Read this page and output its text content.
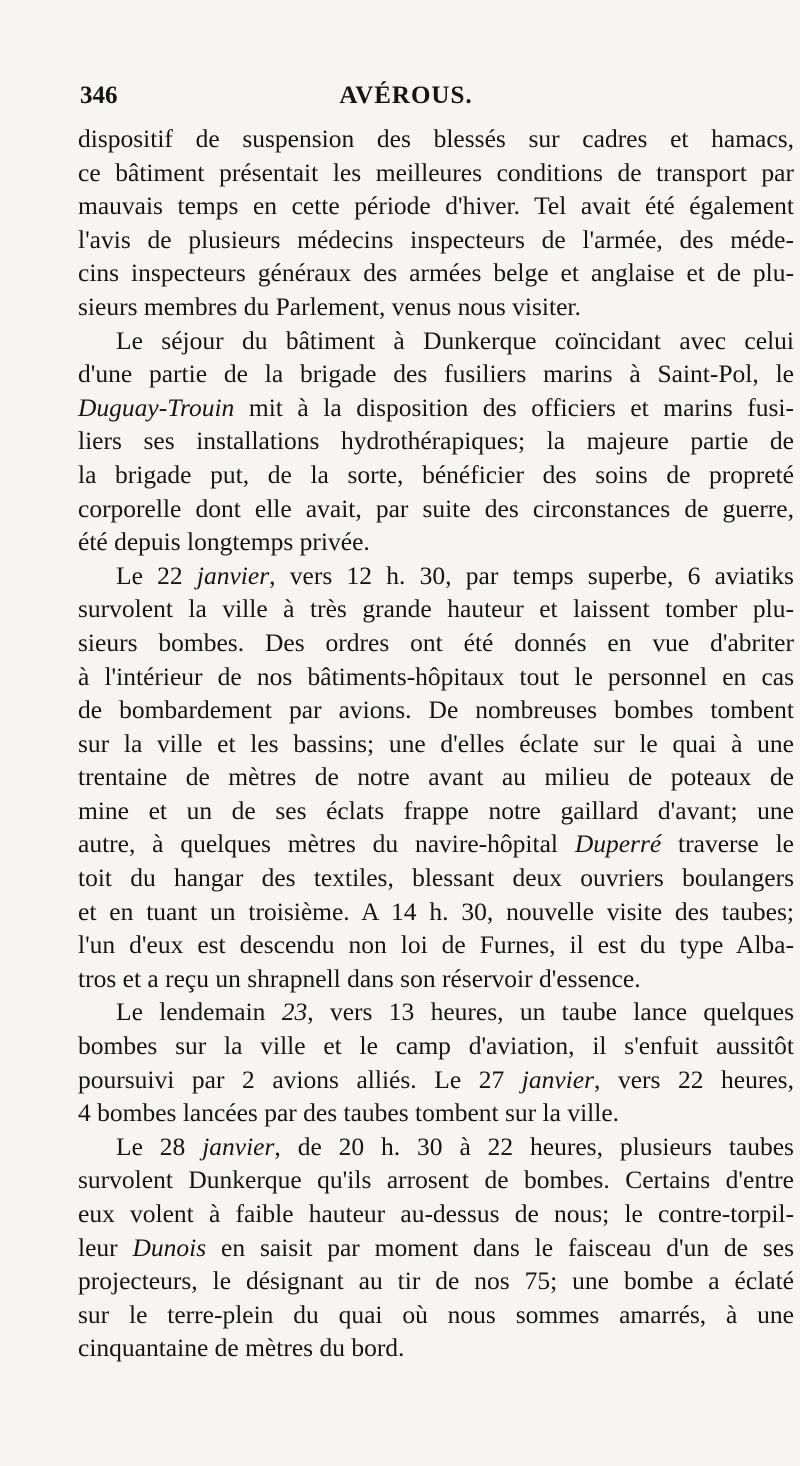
346	AVÉROUS.
dispositif de suspension des blessés sur cadres et hamacs,
ce bâtiment présentait les meilleures conditions de transport par
mauvais temps en cette période d'hiver. Tel avait été également
l'avis de plusieurs médecins inspecteurs de l'armée, des méde-
cins inspecteurs généraux des armées belge et anglaise et de plu-
sieurs membres du Parlement, venus nous visiter.
Le séjour du bâtiment à Dunkerque coïncidant avec celui
d'une partie de la brigade des fusiliers marins à Saint-Pol, le
Duguay-Trouin mit à la disposition des officiers et marins fusi-
liers ses installations hydrothérapiques; la majeure partie de
la brigade put, de la sorte, bénéficier des soins de propreté
corporelle dont elle avait, par suite des circonstances de guerre,
été depuis longtemps privée.
Le 22 janvier, vers 12 h. 30, par temps superbe, 6 aviatiks
survolent la ville à très grande hauteur et laissent tomber plu-
sieurs bombes. Des ordres ont été donnés en vue d'abriter
à l'intérieur de nos bâtiments-hôpitaux tout le personnel en cas
de bombardement par avions. De nombreuses bombes tombent
sur la ville et les bassins; une d'elles éclate sur le quai à une
trentaine de mètres de notre avant au milieu de poteaux de
mine et un de ses éclats frappe notre gaillard d'avant; une
autre, à quelques mètres du navire-hôpital Duperré traverse le
toit du hangar des textiles, blessant deux ouvriers boulangers
et en tuant un troisième. A 14 h. 30, nouvelle visite des taubes;
l'un d'eux est descendu non loi de Furnes, il est du type Alba-
tros et a reçu un shrapnell dans son réservoir d'essence.
Le lendemain 23, vers 13 heures, un taube lance quelques
bombes sur la ville et le camp d'aviation, il s'enfuit aussitôt
poursuivi par 2 avions alliés. Le 27 janvier, vers 22 heures,
4 bombes lancées par des taubes tombent sur la ville.
Le 28 janvier, de 20 h. 30 à 22 heures, plusieurs taubes
survolent Dunkerque qu'ils arrosent de bombes. Certains d'entre
eux volent à faible hauteur au-dessus de nous; le contre-torpil-
leur Dunois en saisit par moment dans le faisceau d'un de ses
projecteurs, le désignant au tir de nos 75; une bombe a éclaté
sur le terre-plein du quai où nous sommes amarrés, à une
cinquantaine de mètres du bord.
